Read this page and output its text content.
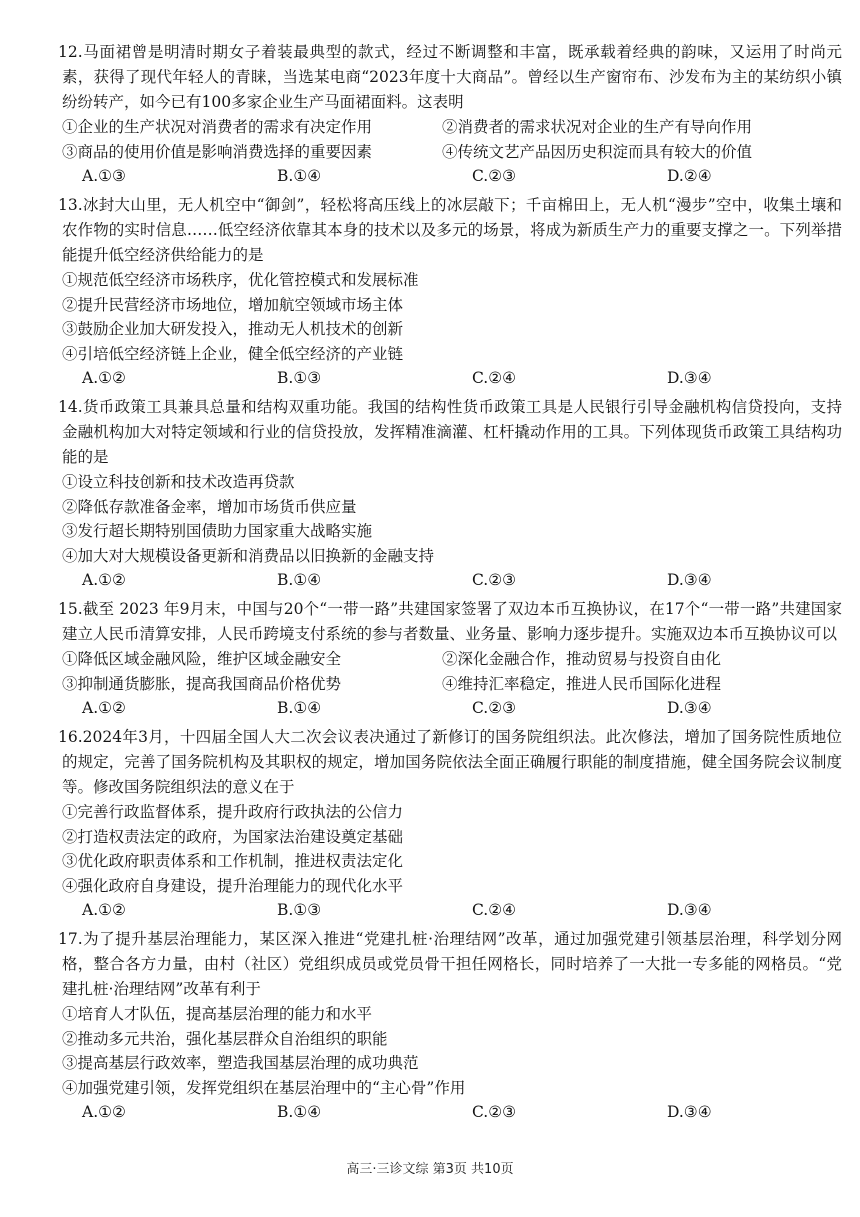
12.马面裙曾是明清时期女子着装最典型的款式，经过不断调整和丰富，既承载着经典的韵味，又运用了时尚元素，获得了现代年轻人的青睐，当选某电商“2023年度十大商品”。曾经以生产窗帘布、沙发布为主的某纺织小镇纷纷转产，如今已有100多家企业生产马面裙面料。这表明

①企业的生产状况对消费者的需求有决定作用	②消费者的需求状况对企业的生产有导向作用
③商品的使用价值是影响消费选择的重要因素	④传统文艺产品因历史积淀而具有较大的价值
A.①③	B.①④	C.②③	D.②④

13.冰封大山里，无人机空中“御剑”，轻松将高压线上的冰层敲下；千亩棉田上，无人机“漫步”空中，收集土壤和农作物的实时信息……低空经济依靠其本身的技术以及多元的场景，将成为新质生产力的重要支撑之一。下列举措能提升低空经济供给能力的是

①规范低空经济市场秩序，优化管控模式和发展标准

②提升民营经济市场地位，增加航空领域市场主体

③鼓励企业加大研发投入，推动无人机技术的创新

④引培低空经济链上企业，健全低空经济的产业链

A.①②	B.①③	C.②④	D.③④

14.货币政策工具兼具总量和结构双重功能。我国的结构性货币政策工具是人民银行引导金融机构信贷投向，支持金融机构加大对特定领域和行业的信贷投放，发挥精准滴灌、杠杆撬动作用的工具。下列体现货币政策工具结构功能的是

①设立科技创新和技术改造再贷款

②降低存款准备金率，增加市场货币供应量

③发行超长期特别国债助力国家重大战略实施

④加大对大规模设备更新和消费品以旧换新的金融支持

A.①②	B.①④	C.②③	D.③④

15.截至 2023 年9月末，中国与20个“一带一路”共建国家签署了双边本币互换协议，在17个“一带一路”共建国家建立人民币清算安排，人民币跨境支付系统的参与者数量、业务量、影响力逐步提升。实施双边本币互换协议可以

①降低区域金融风险，维护区域金融安全	②深化金融合作，推动贸易与投资自由化
③抑制通货膨胀，提高我国商品价格优势	④维持汇率稳定，推进人民币国际化进程
A.①②	B.①④	C.②③	D.③④

16.2024年3月，十四届全国人大二次会议表决通过了新修订的国务院组织法。此次修法，增加了国务院性质地位的规定，完善了国务院机构及其职权的规定，增加国务院依法全面正确履行职能的制度措施，健全国务院会议制度等。修改国务院组织法的意义在于

①完善行政监督体系，提升政府行政执法的公信力

②打造权责法定的政府，为国家法治建设奠定基础

③优化政府职责体系和工作机制，推进权责法定化

④强化政府自身建设，提升治理能力的现代化水平

A.①②	B.①③	C.②④	D.③④

17.为了提升基层治理能力，某区深入推进“党建扎桩·治理结网”改革，通过加强党建引领基层治理，科学划分网格，整合各方力量，由村（社区）党组织成员或党员骨干担任网格长，同时培养了一大批一专多能的网格员。“党建扎桩·治理结网”改革有利于

①培育人才队伍，提高基层治理的能力和水平

②推动多元共治，强化基层群众自治组织的职能

③提高基层行政效率，塑造我国基层治理的成功典范

④加强党建引领，发挥党组织在基层治理中的“主心骨”作用

A.①②	B.①④	C.②③	D.③④
高三·三诊文综 第3页 共10页
